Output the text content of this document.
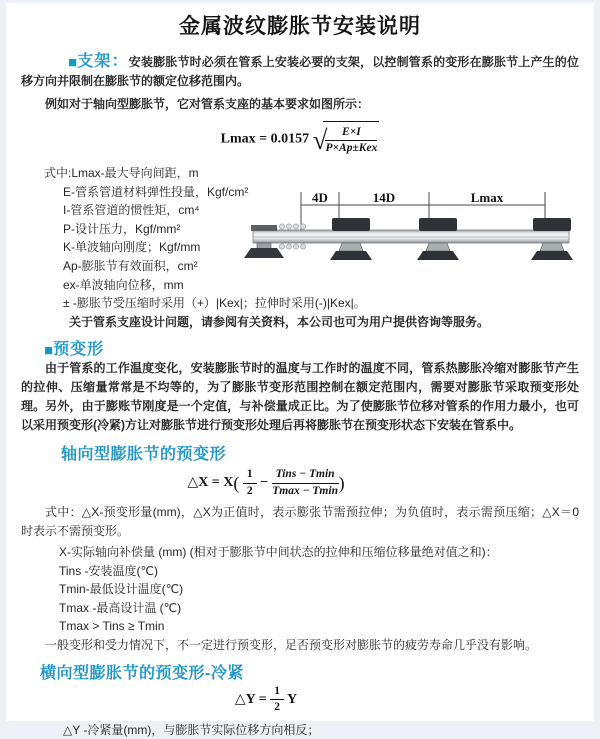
金属波纹膨胀节安装说明

■支架：安装膨胀节时必须在管系上安装必要的支架，以控制管系的变形在膨胀节上产生的位移方向并限制在膨胀节的额定位移范围内。

例如对于轴向型膨胀节，它对管系支座的基本要求如图所示：

Lmax = 0.0157 √
$\frac{E\times I}{\text{P×Ap±Kex}}$
式中:Lmax-最大导向间距，m
E-管系管道材料弹性投量，Kgf/cm²
I-管系管道的惯性矩，cm⁴
P-设计压力，Kgf/mm²
K-单波轴向刚度；Kgf/mm
Ap-膨胀节有效面积，cm²
ex-单波轴向位移，mm
4D	14D	Lmax

± -膨胀节受压缩时采用（+）|Kex|；拉伸时采用(-)|Kex|。

关于管系支座设计问题，请参阅有关资料，本公司也可为用户提供咨询等服务。

■预变形

由于管系的工作温度变化，安装膨胀节时的温度与工作时的温度不同，管系热膨胀冷缩对膨胀节产生的拉伸、压缩量常常是不均等的，为了膨胀节变形范围控制在额定范围内，需要对膨胀节采取预变形处理。另外，由于膨账节刚度是一个定值，与补偿量成正比。为了使膨胀节位移对管系的作用力最小，也可以采用预变形(冷紧)方让对膨胀节进行预变形处理后再将膨胀节在预变形状态下安装在管系中。

轴向型膨胀节的预变形
△X = $X( \frac{1}{2} - \frac{\text{Tins − Tmin}}{Tmax - Tmin}$ )

式中：△X-预变形量(mm)，△X为正值时，表示膨张节需预拉伸；为负值时，表示需预压缩；△X＝0时表示不需预变形。

X-实际轴向补偿量 (mm) (相对于膨胀节中间状态的拉伸和压缩位移量绝对值之和)：

Tins -安装温度(℃)
Tmin-最低设计温度(℃)
Tmax -最高设计温 (℃)
Tmax > Tins ≥ Tmin

一般变形和受力情况下，不一定进行预变形，足否预变形对膨胀节的疲劳寿命几乎没有影响。

横向型膨胀节的预变形-冷紧
△Y = $\frac{1}{2}$ Y

△Y -冷紧量(mm)，与膨胀节实际位移方向相反；
